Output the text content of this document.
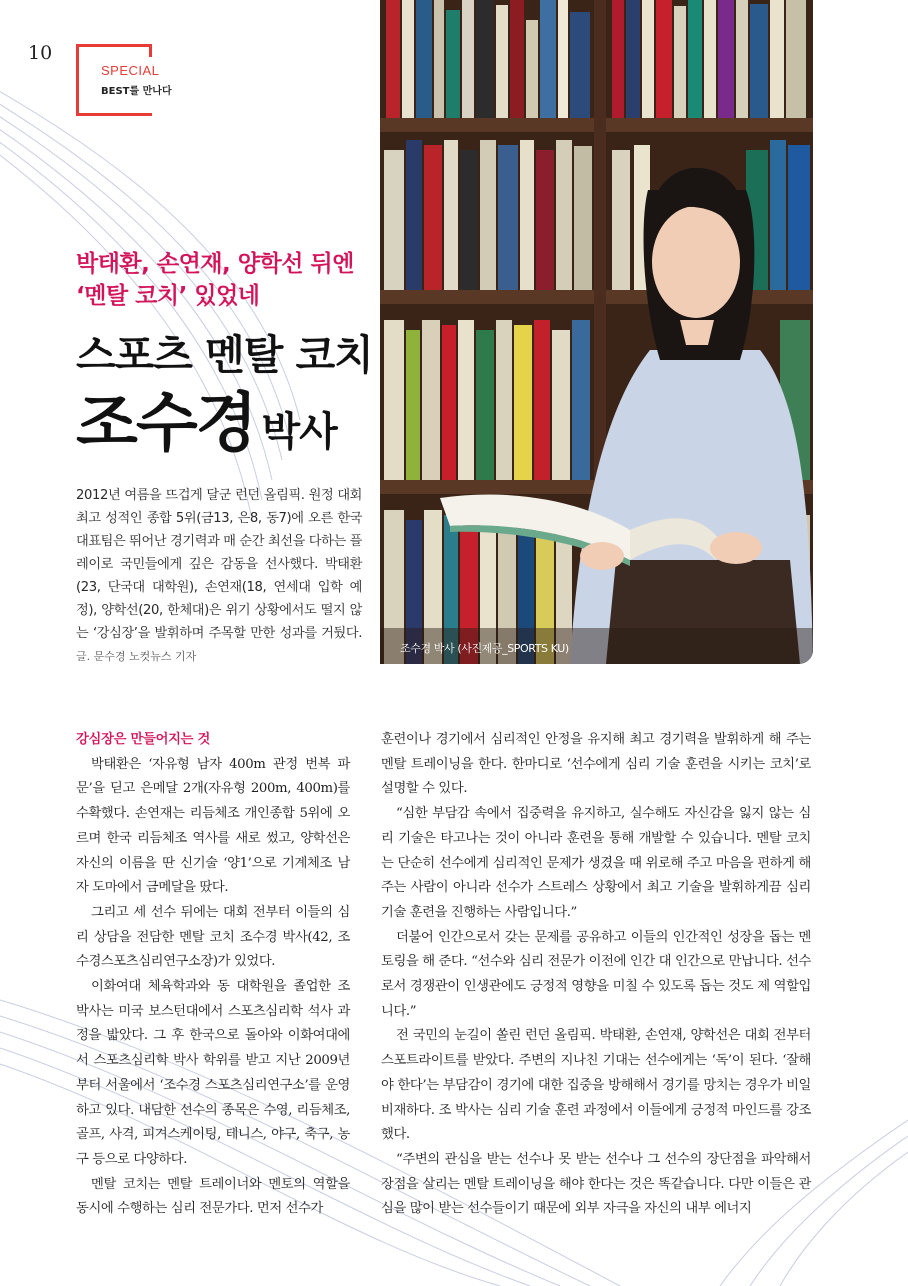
10
SPECIAL
BEST를 만나다
박태환, 손연재, 양학선 뒤엔
‘멘탈 코치’ 있었네
스포츠 멘탈 코치
조수경 박사
2012년 여름을 뜨겁게 달군 런던 올림픽. 원정 대회 최고 성적인 종합 5위(금13, 은8, 동7)에 오른 한국 대표팀은 뛰어난 경기력과 매 순간 최선을 다하는 플레이로 국민들에게 깊은 감동을 선사했다. 박태환(23, 단국대 대학원), 손연재(18, 연세대 입학 예정), 양학선(20, 한체대)은 위기 상황에서도 떨지 않는 ‘강심장’을 발휘하며 주목할 만한 성과를 거뒀다. 글. 문수경 노컷뉴스 기자
조수경 박사 (사진제공_SPORTS KU)
강심장은 만들어지는 것

박태환은 ‘자유형 남자 400m 관정 번복 파문’을 딛고 은메달 2개(자유형 200m, 400m)를 수확했다. 손연재는 리듬체조 개인종합 5위에 오르며 한국 리듬체조 역사를 새로 썼고, 양학선은 자신의 이름을 딴 신기술 ‘양1’으로 기계체조 남자 도마에서 금메달을 땄다.

그리고 세 선수 뒤에는 대회 전부터 이들의 심리 상담을 전담한 멘탈 코치 조수경 박사(42, 조수경스포츠심리연구소장)가 있었다.

이화여대 체육학과와 동 대학원을 졸업한 조 박사는 미국 보스턴대에서 스포츠심리학 석사 과정을 밟았다. 그 후 한국으로 돌아와 이화여대에서 스포츠심리학 박사 학위를 받고 지난 2009년부터 서울에서 ‘조수경 스포츠심리연구소’를 운영하고 있다. 내담한 선수의 종목은 수영, 리듬체조, 골프, 사격, 피겨스케이팅, 테니스, 야구, 축구, 농구 등으로 다양하다.

멘탈 코치는 멘탈 트레이너와 멘토의 역할을 동시에 수행하는 심리 전문가다. 먼저 선수가

훈련이나 경기에서 심리적인 안정을 유지해 최고 경기력을 발휘하게 해 주는 멘탈 트레이닝을 한다. 한마디로 ‘선수에게 심리 기술 훈련을 시키는 코치’로 설명할 수 있다.

“심한 부담감 속에서 집중력을 유지하고, 실수해도 자신감을 잃지 않는 심리 기술은 타고나는 것이 아니라 훈련을 통해 개발할 수 있습니다. 멘탈 코치는 단순히 선수에게 심리적인 문제가 생겼을 때 위로해 주고 마음을 편하게 해 주는 사람이 아니라 선수가 스트레스 상황에서 최고 기술을 발휘하게끔 심리 기술 훈련을 진행하는 사람입니다.”

더불어 인간으로서 갖는 문제를 공유하고 이들의 인간적인 성장을 돕는 멘토링을 해 준다. “선수와 심리 전문가 이전에 인간 대 인간으로 만납니다. 선수로서 경쟁관이 인생관에도 긍정적 영향을 미칠 수 있도록 돕는 것도 제 역할입니다.”

전 국민의 눈길이 쏠린 런던 올림픽. 박태환, 손연재, 양학선은 대회 전부터 스포트라이트를 받았다. 주변의 지나친 기대는 선수에게는 ‘독’이 된다. ‘잘해야 한다’는 부담감이 경기에 대한 집중을 방해해서 경기를 망치는 경우가 비일비재하다. 조 박사는 심리 기술 훈련 과정에서 이들에게 긍정적 마인드를 강조했다.

“주변의 관심을 받는 선수나 못 받는 선수나 그 선수의 장단점을 파악해서 장점을 살리는 멘탈 트레이닝을 해야 한다는 것은 똑같습니다. 다만 이들은 관심을 많이 받는 선수들이기 때문에 외부 자극을 자신의 내부 에너지
